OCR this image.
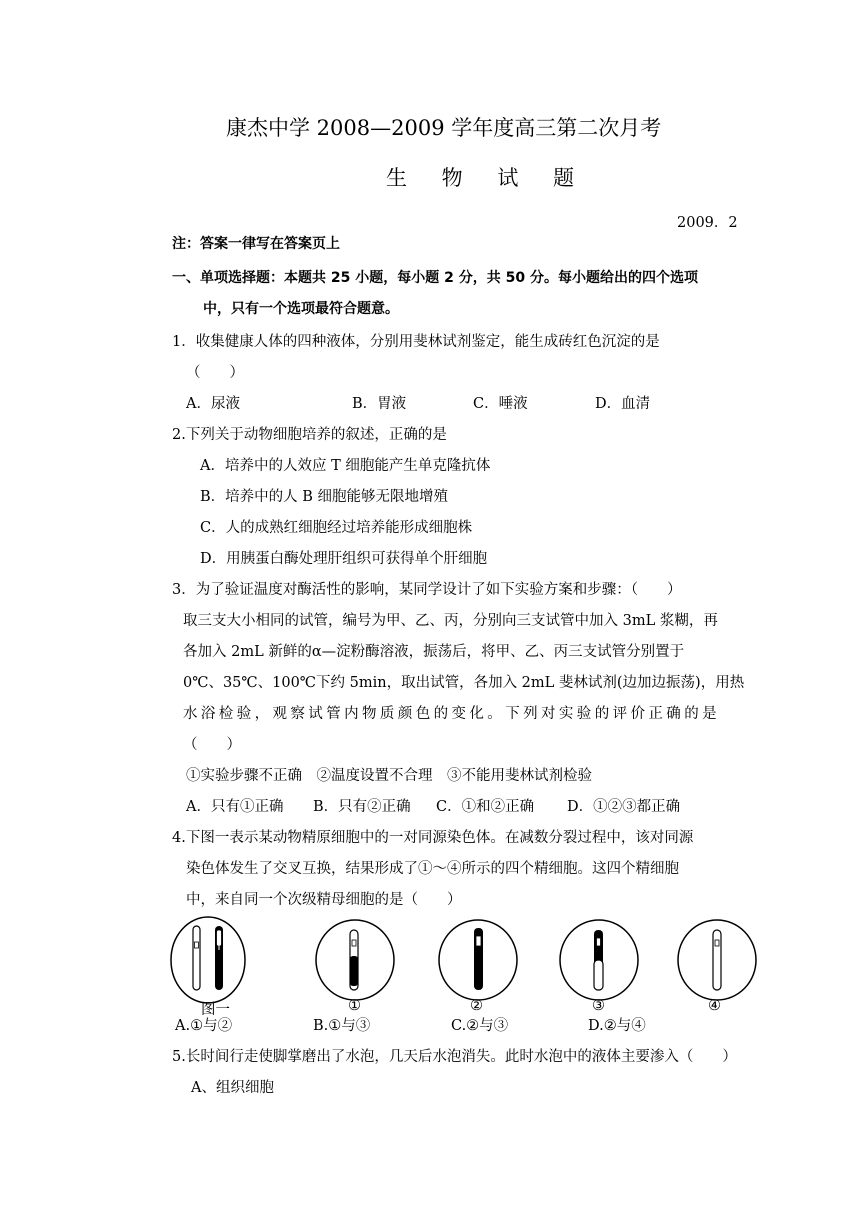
康杰中学 2008—2009 学年度高三第二次月考
生 物 试 题
2009．2
注：答案一律写在答案页上
一、单项选择题：本题共 25 小题，每小题 2 分，共 50 分。每小题给出的四个选项
中，只有一个选项最符合题意。
1．收集健康人体的四种液体，分别用斐林试剂鉴定，能生成砖红色沉淀的是
（　　）
A．尿液	B．胃液	C．唾液	D．血清
2.下列关于动物细胞培养的叙述，正确的是
A．培养中的人效应 T 细胞能产生单克隆抗体
B．培养中的人 B 细胞能够无限地增殖
C．人的成熟红细胞经过培养能形成细胞株
D．用胰蛋白酶处理肝组织可获得单个肝细胞
3．为了验证温度对酶活性的影响，某同学设计了如下实验方案和步骤：（　　）
取三支大小相同的试管，编号为甲、乙、丙，分别向三支试管中加入 3mL 浆糊，再
各加入 2mL 新鲜的α—淀粉酶溶液，振荡后，将甲、乙、丙三支试管分别置于
0℃、35℃、100℃下约 5min，取出试管，各加入 2mL 斐林试剂(边加边振荡)，用热
水浴检验，观察试管内物质颜色的变化。下列对实验的评价正确的是
（　　）
①实验步骤不正确　②温度设置不合理　③不能用斐林试剂检验
A．只有①正确 B．只有②正确 C．①和②正确 D．①②③都正确
4.下图一表示某动物精原细胞中的一对同源染色体。在减数分裂过程中，该对同源
染色体发生了交叉互换，结果形成了①～④所示的四个精细胞。这四个精细胞
中，来自同一个次级精母细胞的是（　　）
图一	①	②	③	④
A.①与②	B.①与③	C.②与③	D.②与④
5.长时间行走使脚掌磨出了水泡，几天后水泡消失。此时水泡中的液体主要渗入（　　）
A、组织细胞
